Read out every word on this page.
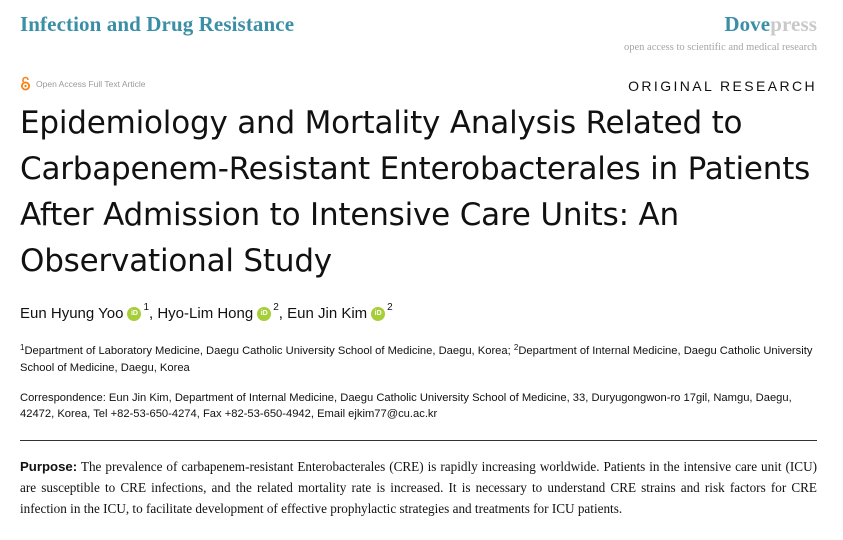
Infection and Drug Resistance	Dovepress
open access to scientific and medical research
Open Access Full Text Article	ORIGINAL RESEARCH
Epidemiology and Mortality Analysis Related to Carbapenem-Resistant Enterobacterales in Patients After Admission to Intensive Care Units: An Observational Study
Eun Hyung Yoo	iD
1 , Hyo-Lim Hong	iD
2 , Eun Jin Kim	iD
2
$^1$Department of Laboratory Medicine, Daegu Catholic University School of Medicine, Daegu, Korea; $^2$Department of Internal Medicine, Daegu Catholic University School of Medicine, Daegu, Korea
Correspondence: Eun Jin Kim, Department of Internal Medicine, Daegu Catholic University School of Medicine, 33, Duryugongwon-ro 17gil, Namgu, Daegu, 42472, Korea, Tel +82-53-650-4274, Fax +82-53-650-4942, Email ejkim77@cu.ac.kr

Purpose: The prevalence of carbapenem-resistant Enterobacterales (CRE) is rapidly increasing worldwide. Patients in the intensive care unit (ICU) are susceptible to CRE infections, and the related mortality rate is increased. It is necessary to understand CRE strains and risk factors for CRE infection in the ICU, to facilitate development of effective prophylactic strategies and treatments for ICU patients.
